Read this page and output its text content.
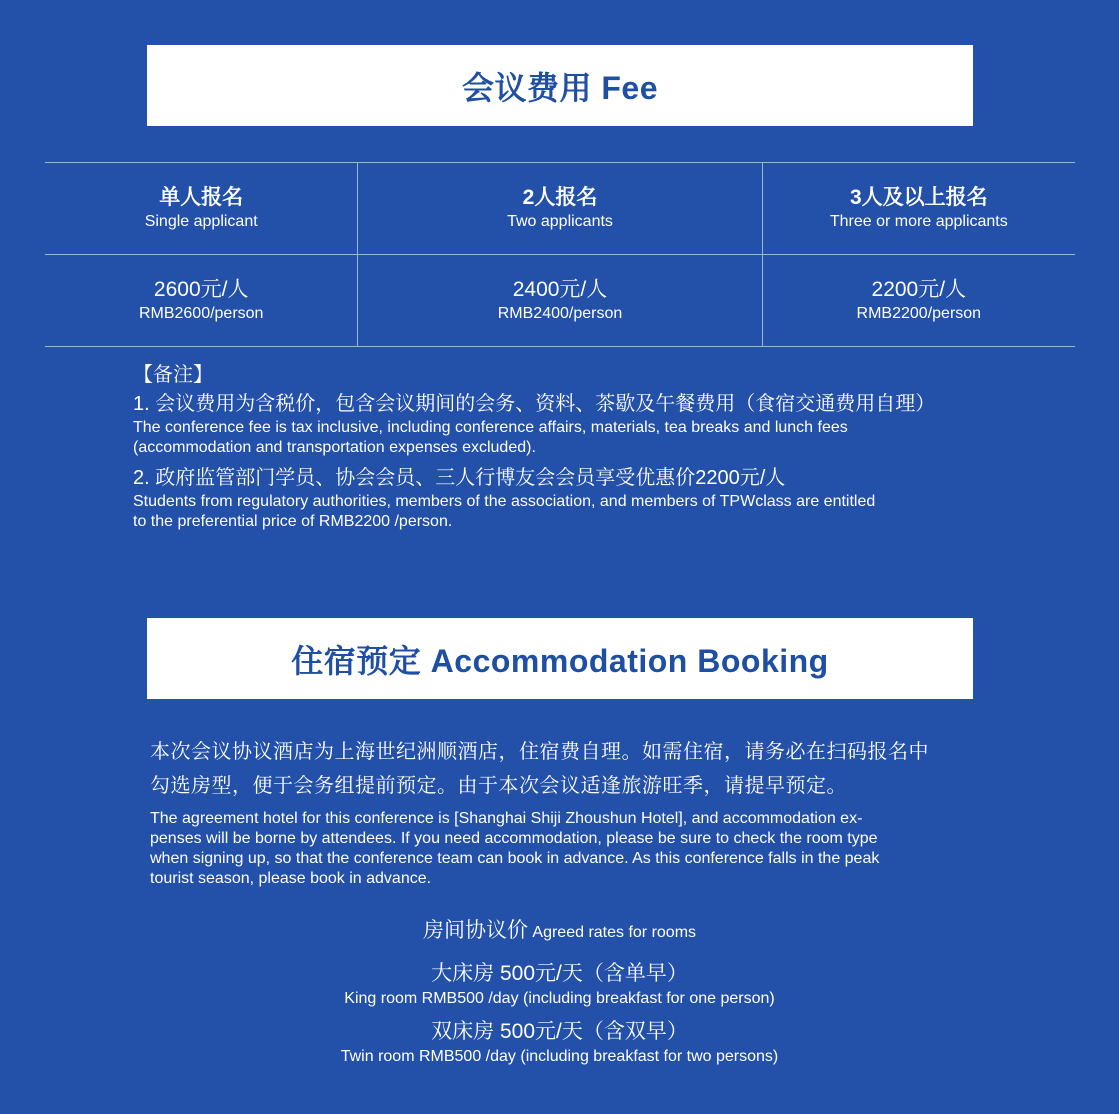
会议费用 Fee
单人报名
Single applicant
2人报名
Two applicants
3人及以上报名
Three or more applicants
2600元/人
RMB2600/person
2400元/人
RMB2400/person
2200元/人
RMB2200/person
【备注】
1. 会议费用为含税价，包含会议期间的会务、资料、茶歇及午餐费用（食宿交通费用自理）
The conference fee is tax inclusive, including conference affairs, materials, tea breaks and lunch fees
(accommodation and transportation expenses excluded).
2. 政府监管部门学员、协会会员、三人行博友会会员享受优惠价2200元/人
Students from regulatory authorities, members of the association, and members of TPWclass are entitled
to the preferential price of RMB2200 /person.
住宿预定 Accommodation Booking
本次会议协议酒店为上海世纪洲顺酒店，住宿费自理。如需住宿，请务必在扫码报名中
勾选房型，便于会务组提前预定。由于本次会议适逢旅游旺季，请提早预定。
The agreement hotel for this conference is [Shanghai Shiji Zhoushun Hotel], and accommodation ex-
penses will be borne by attendees. If you need accommodation, please be sure to check the room type
when signing up, so that the conference team can book in advance. As this conference falls in the peak
tourist season, please book in advance.
房间协议价 Agreed rates for rooms
大床房 500元/天（含单早）
King room RMB500 /day (including breakfast for one person)
双床房 500元/天（含双早）
Twin room RMB500 /day (including breakfast for two persons)
